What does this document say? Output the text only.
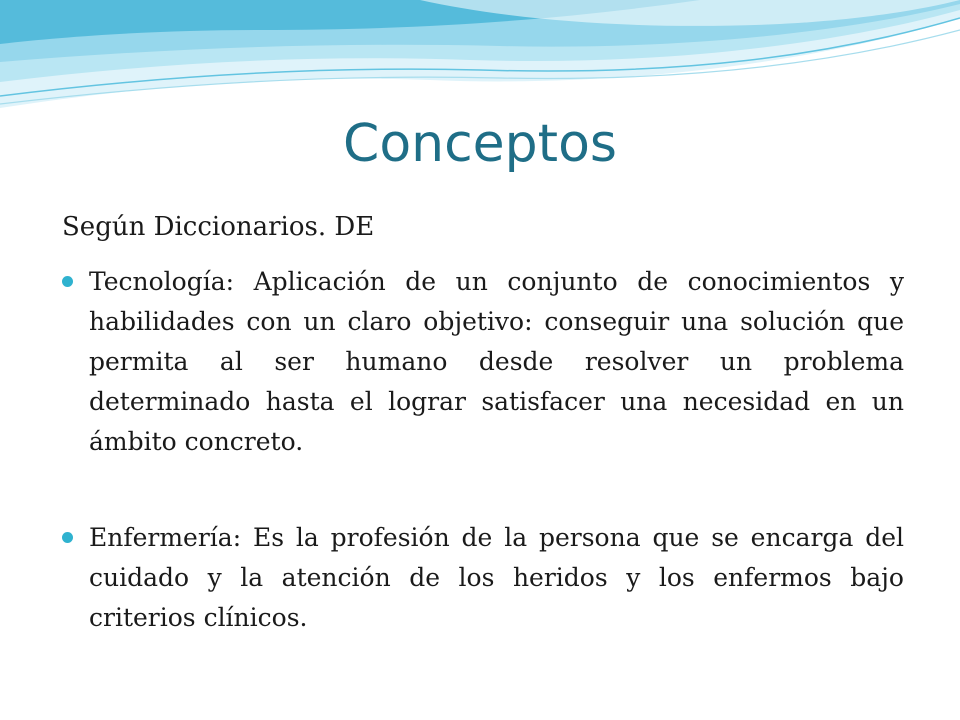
Conceptos
Según Diccionarios. DE
Tecnología: Aplicación de un conjunto de conocimientos y habilidades con un claro objetivo: conseguir una solución que permita al ser humano desde resolver un problema determinado hasta el lograr satisfacer una necesidad en un ámbito concreto.
Enfermería: Es la profesión de la persona que se encarga del cuidado y la atención de los heridos y los enfermos bajo criterios clínicos.
